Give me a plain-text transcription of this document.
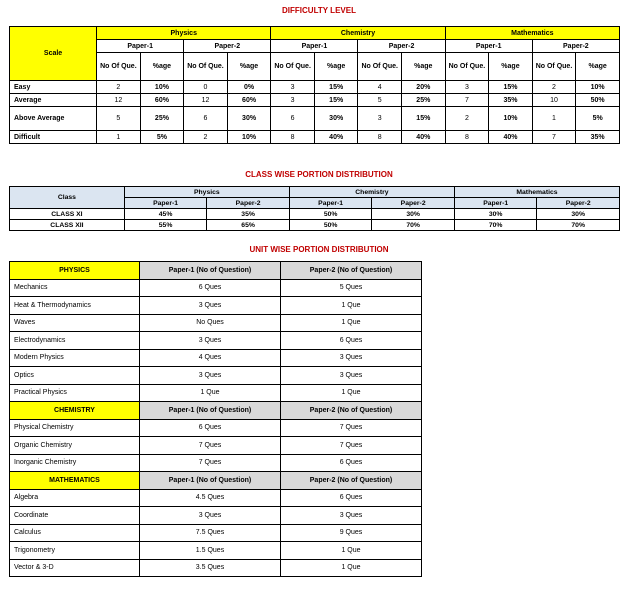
DIFFICULTY LEVEL
Scale	Physics				Chemistry				Mathematics			
	Paper-1		Paper-2		Paper-1		Paper-2		Paper-1		Paper-2	
	No Of Que.	%age	No Of Que.	%age	No Of Que.	%age	No Of Que.	%age	No Of Que.	%age	No Of Que.	%age
Easy	2	10%	0	0%	3	15%	4	20%	3	15%	2	10%
Average	12	60%	12	60%	3	15%	5	25%	7	35%	10	50%
Above Average	5	25%	6	30%	6	30%	3	15%	2	10%	1	5%
Difficult	1	5%	2	10%	8	40%	8	40%	8	40%	7	35%
CLASS WISE PORTION DISTRIBUTION
Class	Physics		Chemistry		Mathematics	
	Paper-1	Paper-2	Paper-1	Paper-2	Paper-1	Paper-2
CLASS XI	45%	35%	50%	30%	30%	30%
CLASS XII	55%	65%	50%	70%	70%	70%
UNIT WISE PORTION DISTRIBUTION
PHYSICS	Paper-1 (No of Question)	Paper-2 (No of Question)
Mechanics	6 Ques	5 Ques
Heat & Thermodynamics	3 Ques	1 Que
Waves	No Ques	1 Que
Electrodynamics	3 Ques	6 Ques
Modern Physics	4 Ques	3 Ques
Optics	3 Ques	3 Ques
Practical Physics	1 Que	1 Que
CHEMISTRY	Paper-1 (No of Question)	Paper-2 (No of Question)
Physical Chemistry	6 Ques	7 Ques
Organic Chemistry	7 Ques	7 Ques
Inorganic Chemistry	7 Ques	6 Ques
MATHEMATICS	Paper-1 (No of Question)	Paper-2 (No of Question)
Algebra	4.5 Ques	6 Ques
Coordinate	3 Ques	3 Ques
Calculus	7.5 Ques	9 Ques
Trigonometry	1.5 Ques	1 Que
Vector & 3-D	3.5 Ques	1 Que
